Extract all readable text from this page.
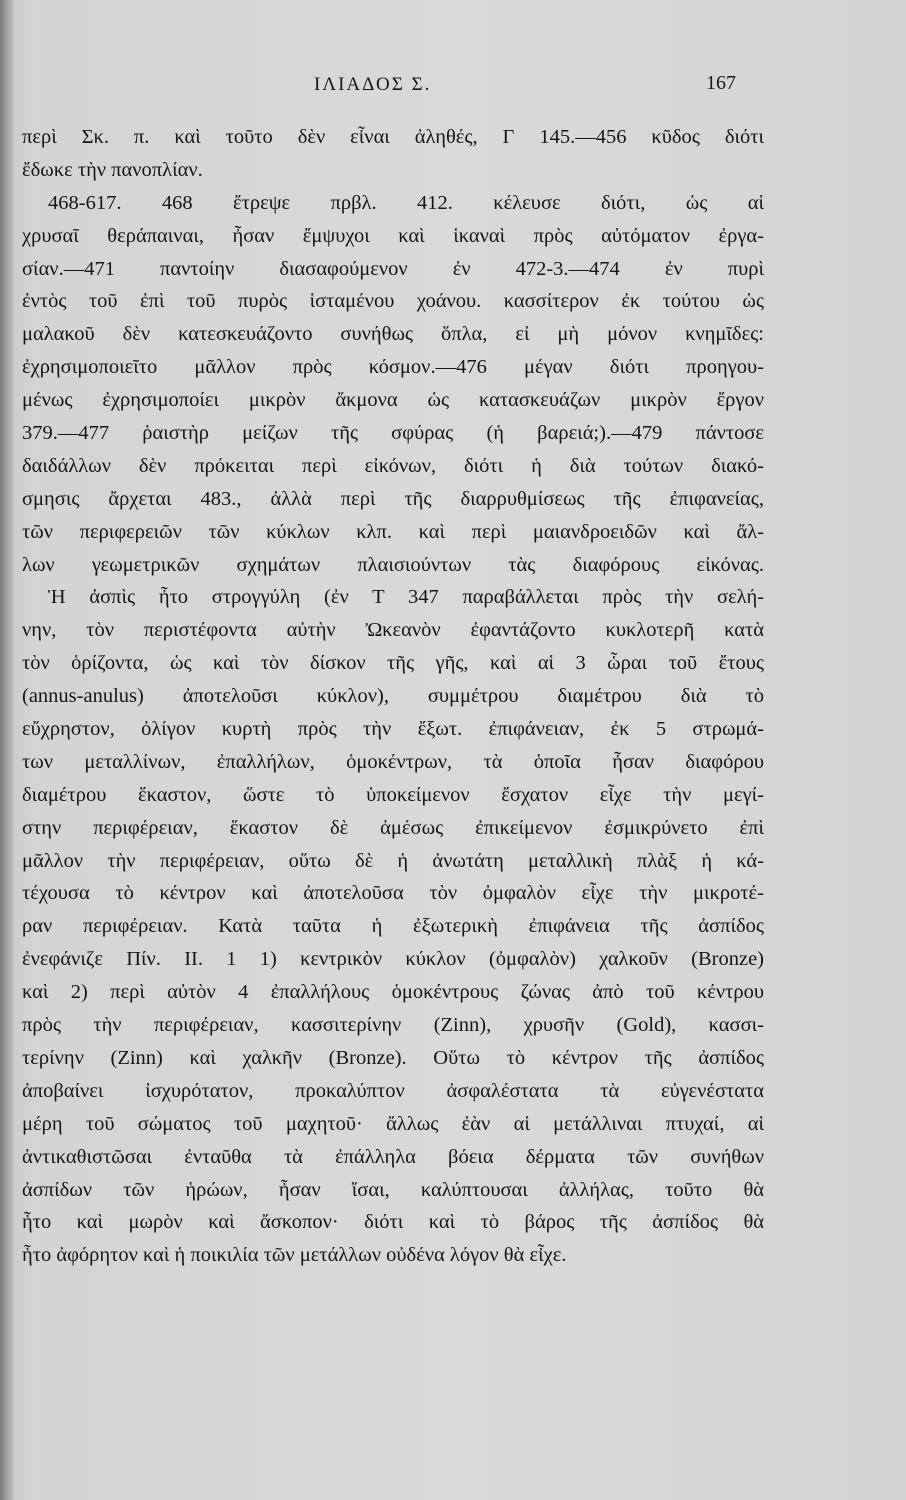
ΙΛΙΑΔΟΣ Σ.	167
περὶ Σκ. π. καὶ τοῦτο δὲν εἶναι ἀληθές, Γ 145.—456 κῦδος διότι
ἔδωκε τὴν πανοπλίαν.
468-617. 468 ἔτρεψε πρβλ. 412. κέλευσε διότι, ὡς αἱ
χρυσαῖ θεράπαιναι, ἦσαν ἔμψυχοι καὶ ἱκαναὶ πρὸς αὐτόματον ἐργα-
σίαν.—471 παντοίην διασαφούμενον ἐν 472-3.—474 ἐν πυρὶ
ἐντὸς τοῦ ἐπὶ τοῦ πυρὸς ἱσταμένου χοάνου. κασσίτερον ἐκ τούτου ὡς
μαλακοῦ δὲν κατεσκευάζοντο συνήθως ὅπλα, εἰ μὴ μόνον κνημῖδες:
ἐχρησιμοποιεῖτο μᾶλλον πρὸς κόσμον.—476 μέγαν διότι προηγου-
μένως ἐχρησιμοποίει μικρὸν ἄκμονα ὡς κατασκευάζων μικρὸν ἔργον
379.—477 ῥαιστὴρ μείζων τῆς σφύρας (ἡ βαρειά;).—479 πάντοσε
δαιδάλλων δὲν πρόκειται περὶ εἰκόνων, διότι ἡ διὰ τούτων διακό-
σμησις ἄρχεται 483., ἀλλὰ περὶ τῆς διαρρυθμίσεως τῆς ἐπιφανείας,
τῶν περιφερειῶν τῶν κύκλων κλπ. καὶ περὶ μαιανδροειδῶν καὶ ἄλ-
λων γεωμετρικῶν σχημάτων πλαισιούντων τὰς διαφόρους εἰκόνας.
Ἡ ἀσπὶς ἦτο στρογγύλη (ἐν Τ 347 παραβάλλεται πρὸς τὴν σελή-
νην, τὸν περιστέφοντα αὐτὴν Ὠκεανὸν ἐφαντάζοντο κυκλοτερῆ κατὰ
τὸν ὁρίζοντα, ὡς καὶ τὸν δίσκον τῆς γῆς, καὶ αἱ 3 ὧραι τοῦ ἔτους
(annus-anulus) ἀποτελοῦσι κύκλον), συμμέτρου διαμέτρου διὰ τὸ
εὔχρηστον, ὀλίγον κυρτὴ πρὸς τὴν ἔξωτ. ἐπιφάνειαν, ἐκ 5 στρωμά-
των μεταλλίνων, ἐπαλλήλων, ὁμοκέντρων, τὰ ὁποῖα ἦσαν διαφόρου
διαμέτρου ἕκαστον, ὥστε τὸ ὑποκείμενον ἔσχατον εἶχε τὴν μεγί-
στην περιφέρειαν, ἕκαστον δὲ ἀμέσως ἐπικείμενον ἐσμικρύνετο ἐπὶ
μᾶλλον τὴν περιφέρειαν, οὕτω δὲ ἡ ἀνωτάτη μεταλλικὴ πλὰξ ἡ κά-
τέχουσα τὸ κέντρον καὶ ἀποτελοῦσα τὸν ὀμφαλὸν εἶχε τὴν μικροτέ-
ραν περιφέρειαν. Κατὰ ταῦτα ἡ ἐξωτερικὴ ἐπιφάνεια τῆς ἀσπίδος
ἐνεφάνιζε Πίν. ΙΙ. 1 1) κεντρικὸν κύκλον (ὀμφαλὸν) χαλκοῦν (Bronze)
καὶ 2) περὶ αὐτὸν 4 ἐπαλλήλους ὁμοκέντρους ζώνας ἀπὸ τοῦ κέντρου
πρὸς τὴν περιφέρειαν, κασσιτερίνην (Zinn), χρυσῆν (Gold), κασσι-
τερίνην (Zinn) καὶ χαλκῆν (Bronze). Οὕτω τὸ κέντρον τῆς ἀσπίδος
ἀποβαίνει ἰσχυρότατον, προκαλύπτον ἀσφαλέστατα τὰ εὐγενέστατα
μέρη τοῦ σώματος τοῦ μαχητοῦ· ἄλλως ἐὰν αἱ μετάλλιναι πτυχαί, αἱ
ἀντικαθιστῶσαι ἐνταῦθα τὰ ἐπάλληλα βόεια δέρματα τῶν συνήθων
ἀσπίδων τῶν ἡρώων, ἦσαν ἴσαι, καλύπτουσαι ἀλλήλας, τοῦτο θὰ
ἦτο καὶ μωρὸν καὶ ἄσκοπον· διότι καὶ τὸ βάρος τῆς ἀσπίδος θὰ
ἦτο ἀφόρητον καὶ ἡ ποικιλία τῶν μετάλλων οὐδένα λόγον θὰ εἶχε.
